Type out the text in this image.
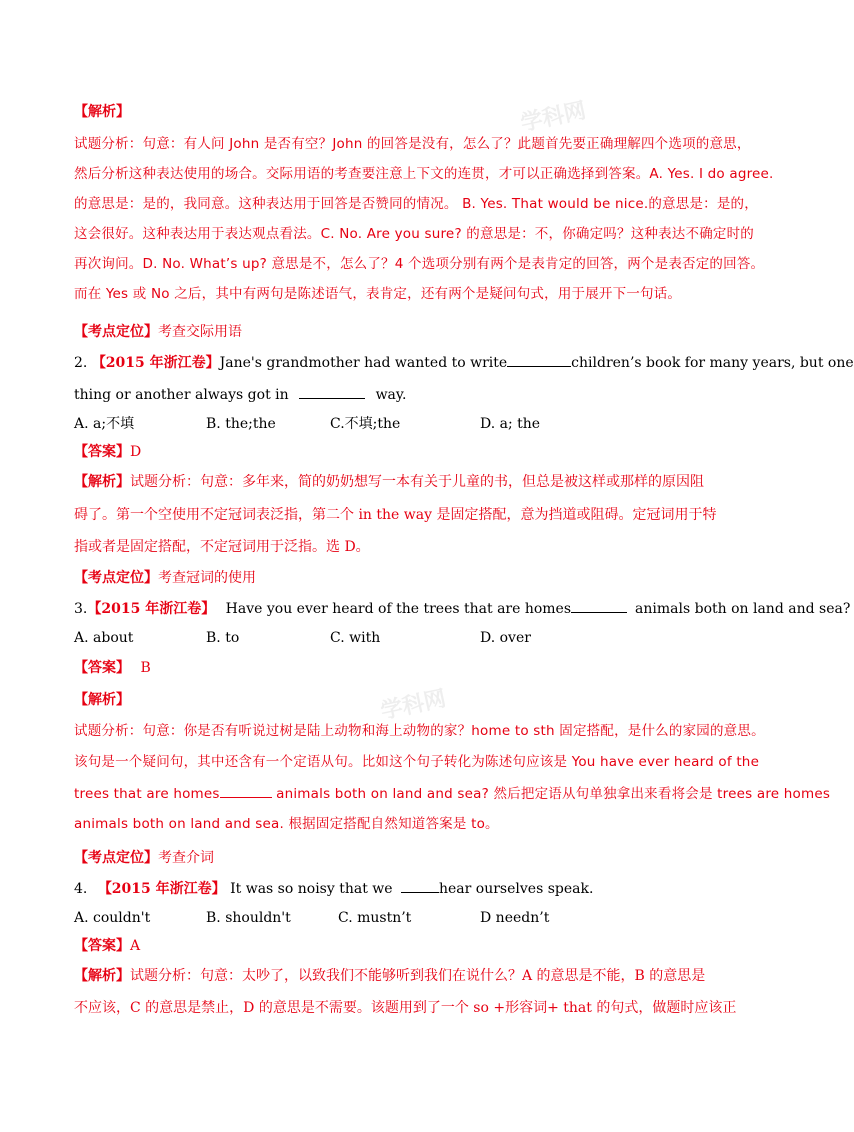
学科网
学科网
【解析】
试题分析：句意：有人问 John 是否有空？John 的回答是没有，怎么了？此题首先要正确理解四个选项的意思，
然后分析这种表达使用的场合。交际用语的考查要注意上下文的连贯，才可以正确选择到答案。A. Yes. I do agree.
的意思是：是的，我同意。这种表达用于回答是否赞同的情况。 B. Yes. That would be nice.的意思是：是的，
这会很好。这种表达用于表达观点看法。C. No. Are you sure? 的意思是：不，你确定吗？这种表达不确定时的
再次询问。D. No. What’s up? 意思是不，怎么了？4 个选项分别有两个是表肯定的回答，两个是表否定的回答。
而在 Yes 或 No 之后，其中有两句是陈述语气，表肯定，还有两个是疑问句式，用于展开下一句话。
【考点定位】考查交际用语
2. 【2015 年浙江卷】Jane's grandmother had wanted to write	children’s book for many years, but one
thing or another always got in	way.
A. a;不填	B. the;the	C.不填;the	D. a; the
【答案】D
【解析】试题分析：句意：多年来，简的奶奶想写一本有关于儿童的书，但总是被这样或那样的原因阻
碍了。第一个空使用不定冠词表泛指，第二个 in the way 是固定搭配，意为挡道或阻碍。定冠词用于特
指或者是固定搭配，不定冠词用于泛指。选 D。
【考点定位】考查冠词的使用
3.【2015 年浙江卷】 Have you ever heard of the trees that are homes	animals both on land and sea?
A. about	B. to	C. with	D. over
【答案】 B
【解析】
试题分析：句意：你是否有听说过树是陆上动物和海上动物的家？home to sth 固定搭配，是什么的家园的意思。
该句是一个疑问句，其中还含有一个定语从句。比如这个句子转化为陈述句应该是 You have ever heard of the
trees that are homes	animals both on land and sea? 然后把定语从句单独拿出来看将会是 trees are homes
animals both on land and sea. 根据固定搭配自然知道答案是 to。
【考点定位】考查介词
4. 【2015 年浙江卷】 It was so noisy that we	hear ourselves speak.
A. couldn't	B. shouldn't	C. mustn’t	D needn’t
【答案】A
【解析】试题分析：句意：太吵了，以致我们不能够听到我们在说什么？A 的意思是不能，B 的意思是
不应该，C 的意思是禁止，D 的意思是不需要。该题用到了一个 so +形容词+ that 的句式，做题时应该正
